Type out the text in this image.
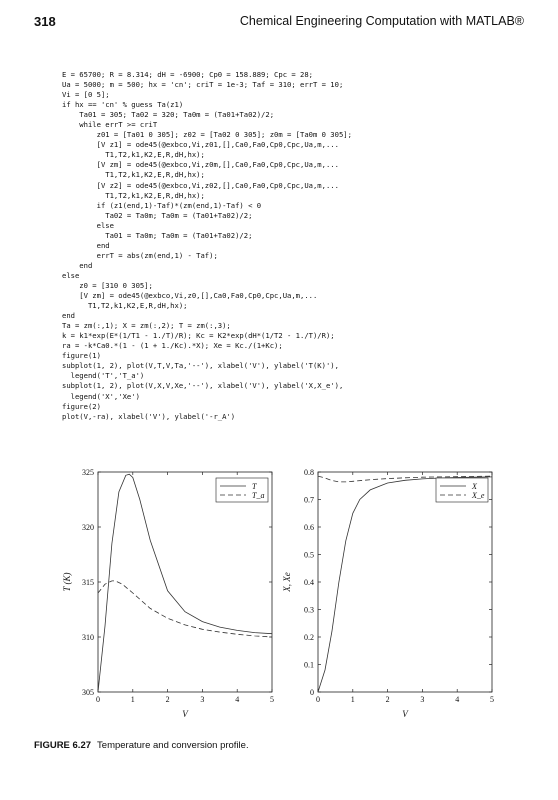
318	Chemical Engineering Computation with MATLAB®
E = 65700; R = 8.314; dH = -6900; Cp0 = 158.889; Cpc = 28;
Ua = 5000; m = 500; hx = 'cn'; criT = 1e-3; Taf = 310; errT = 10;
Vi = [0 5];
if hx == 'cn' % guess Ta(z1)
Ta01 = 305; Ta02 = 320; Ta0m = (Ta01+Ta02)/2;
while errT >= criT
z01 = [Ta01 0 305]; z02 = [Ta02 0 305]; z0m = [Ta0m 0 305];
[V z1] = ode45(@exbco,Vi,z01,[],Ca0,Fa0,Cp0,Cpc,Ua,m,...
T1,T2,k1,K2,E,R,dH,hx);
[V zm] = ode45(@exbco,Vi,z0m,[],Ca0,Fa0,Cp0,Cpc,Ua,m,...
T1,T2,k1,K2,E,R,dH,hx);
[V z2] = ode45(@exbco,Vi,z02,[],Ca0,Fa0,Cp0,Cpc,Ua,m,...
T1,T2,k1,K2,E,R,dH,hx);
if (z1(end,1)-Taf)*(zm(end,1)-Taf) < 0
Ta02 = Ta0m; Ta0m = (Ta01+Ta02)/2;
else
Ta01 = Ta0m; Ta0m = (Ta01+Ta02)/2;
end
errT = abs(zm(end,1) - Taf);
end
else
z0 = [310 0 305];
[V zm] = ode45(@exbco,Vi,z0,[],Ca0,Fa0,Cp0,Cpc,Ua,m,...
T1,T2,k1,K2,E,R,dH,hx);
end
Ta = zm(:,1); X = zm(:,2); T = zm(:,3);
k = k1*exp(E*(1/T1 - 1./T)/R); Kc = K2*exp(dH*(1/T2 - 1./T)/R);
ra = -k*Ca0.*(1 - (1 + 1./Kc).*X); Xe = Kc./(1+Kc);
figure(1)
subplot(1, 2), plot(V,T,V,Ta,'--'), xlabel('V'), ylabel('T(K)'),
legend('T','T_a')
subplot(1, 2), plot(V,X,V,Xe,'--'), xlabel('V'), ylabel('X,X_e'),
legend('X','Xe')
figure(2)
plot(V,-ra), xlabel('V'), ylabel('-r_A')
0	1	2	3	4	5
305
310
315
320
325
V
T (K)
T
T_a
0	1	2	3	4	5
0
0.1
0.2
0.3
0.4
0.5
0.6
0.7
0.8
V
X, Xe
X
X_e
FIGURE 6.27 Temperature and conversion profile.
